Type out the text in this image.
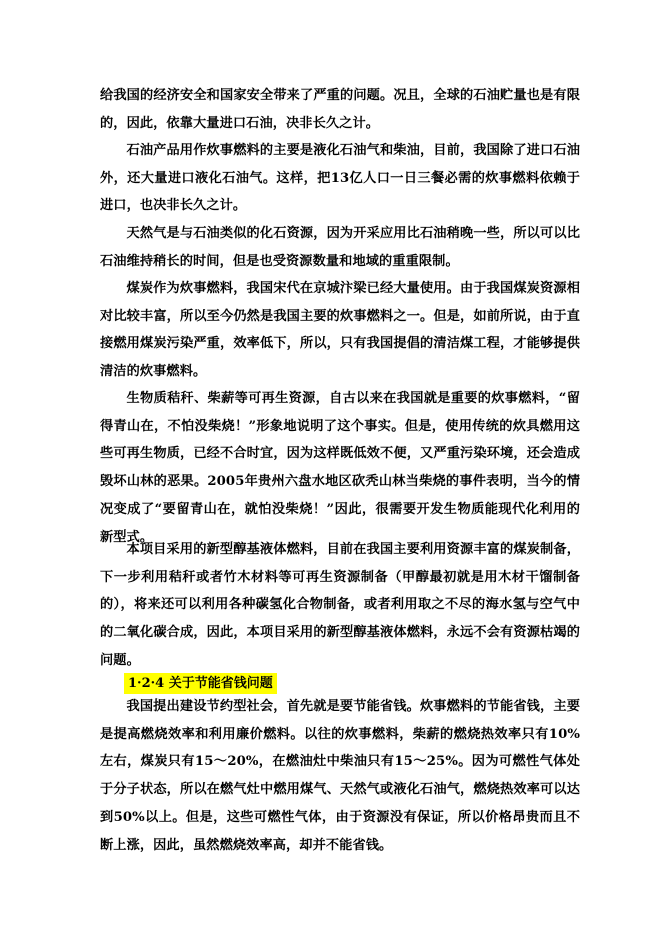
给我国的经济安全和国家安全带来了严重的问题。况且，全球的石油贮量也是有限的，因此，依靠大量进口石油，决非长久之计。

石油产品用作炊事燃料的主要是液化石油气和柴油，目前，我国除了进口石油外，还大量进口液化石油气。这样，把13亿人口一日三餐必需的炊事燃料依赖于进口，也决非长久之计。

天然气是与石油类似的化石资源，因为开采应用比石油稍晚一些，所以可以比石油维持稍长的时间，但是也受资源数量和地域的重重限制。

煤炭作为炊事燃料，我国宋代在京城汴梁已经大量使用。由于我国煤炭资源相对比较丰富，所以至今仍然是我国主要的炊事燃料之一。但是，如前所说，由于直接燃用煤炭污染严重，效率低下，所以，只有我国提倡的清洁煤工程，才能够提供清洁的炊事燃料。

生物质秸秆、柴薪等可再生资源，自古以来在我国就是重要的炊事燃料，“留得青山在，不怕没柴烧！”形象地说明了这个事实。但是，使用传统的炊具燃用这些可再生物质，已经不合时宜，因为这样既低效不便，又严重污染环境，还会造成毁坏山林的恶果。2005年贵州六盘水地区砍秃山林当柴烧的事件表明，当今的情况变成了“要留青山在，就怕没柴烧！”因此，很需要开发生物质能现代化利用的新型式。

本项目采用的新型醇基液体燃料，目前在我国主要利用资源丰富的煤炭制备，下一步利用秸秆或者竹木材料等可再生资源制备（甲醇最初就是用木材干馏制备的），将来还可以利用各种碳氢化合物制备，或者利用取之不尽的海水氢与空气中的二氧化碳合成，因此，本项目采用的新型醇基液体燃料，永远不会有资源枯竭的问题。

1·2·4 关于节能省钱问题

我国提出建设节约型社会，首先就是要节能省钱。炊事燃料的节能省钱，主要是提高燃烧效率和利用廉价燃料。以往的炊事燃料，柴薪的燃烧热效率只有10%左右，煤炭只有15～20%，在燃油灶中柴油只有15～25%。因为可燃性气体处于分子状态，所以在燃气灶中燃用煤气、天然气或液化石油气，燃烧热效率可以达到50%以上。但是，这些可燃性气体，由于资源没有保证，所以价格昂贵而且不断上涨，因此，虽然燃烧效率高，却并不能省钱。
